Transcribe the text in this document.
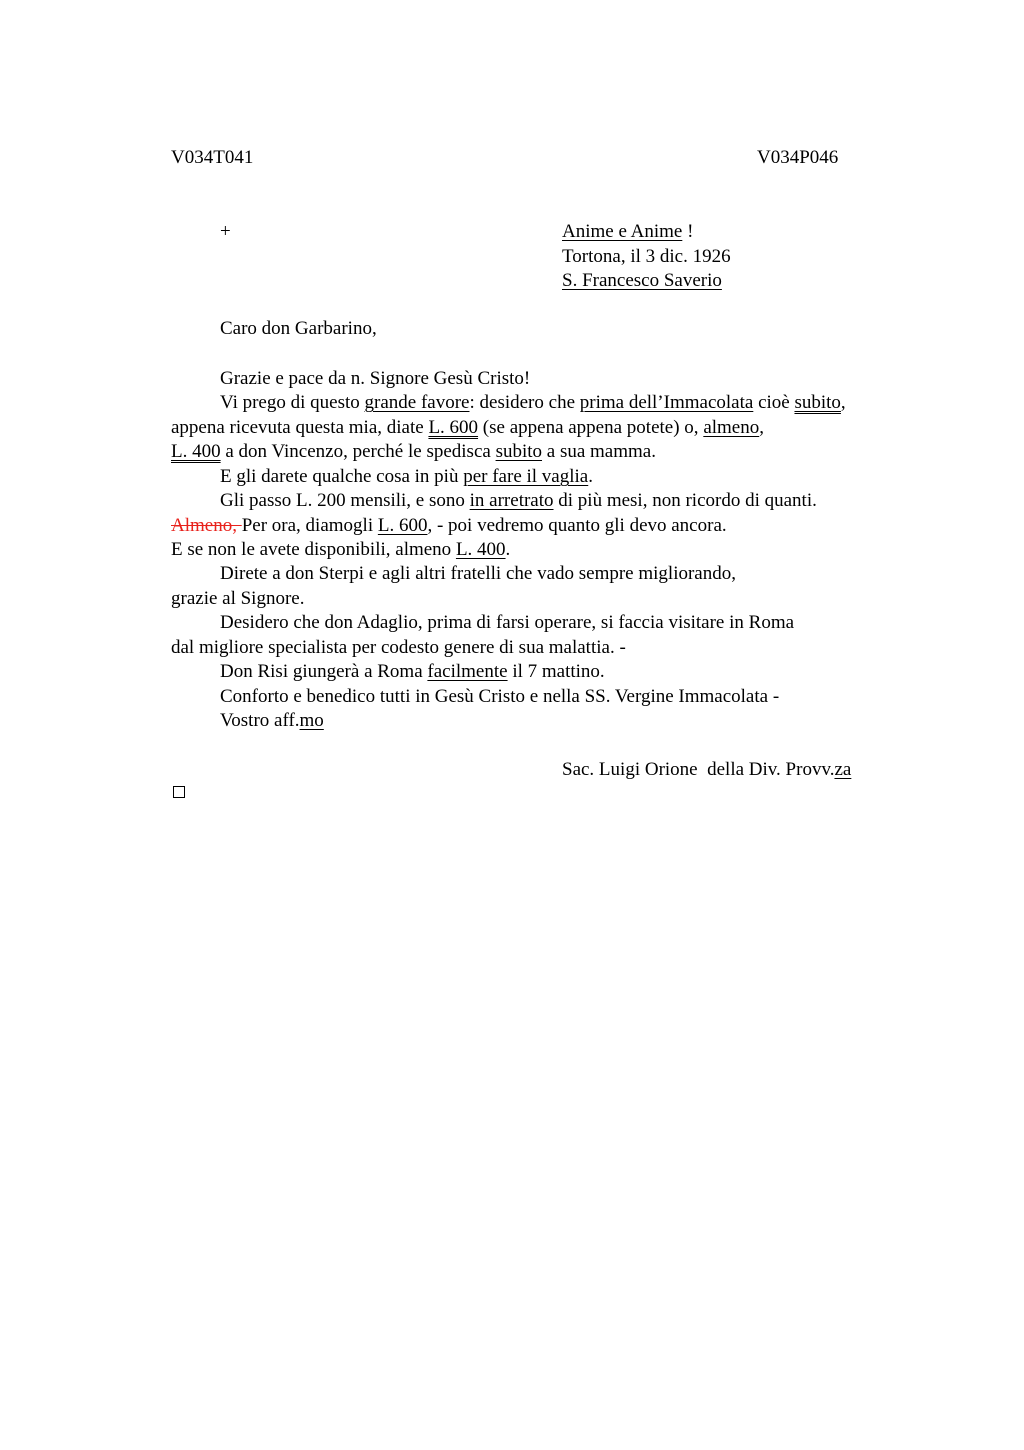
V034T041	V034P046
+	Anime e Anime !
Tortona, il 3 dic. 1926
S. Francesco Saverio
Caro don Garbarino,
Grazie e pace da n. Signore Gesù Cristo!
Vi prego di questo grande favore: desidero che prima dell’Immacolata cioè subito,
appena ricevuta questa mia, diate L. 600 (se appena appena potete) o, almeno,
L. 400 a don Vincenzo, perché le spedisca subito a sua mamma.
E gli darete qualche cosa in più per fare il vaglia.
Gli passo L. 200 mensili, e sono in arretrato di più mesi, non ricordo di quanti.
Almeno, Per ora, diamogli L. 600, - poi vedremo quanto gli devo ancora.
E se non le avete disponibili, almeno L. 400.
Direte a don Sterpi e agli altri fratelli che vado sempre migliorando,
grazie al Signore.
Desidero che don Adaglio, prima di farsi operare, si faccia visitare in Roma
dal migliore specialista per codesto genere di sua malattia. -
Don Risi giungerà a Roma facilmente il 7 mattino.
Conforto e benedico tutti in Gesù Cristo e nella SS. Vergine Immacolata -
Vostro aff.mo
Sac. Luigi Orione  della Div. Provv.za
